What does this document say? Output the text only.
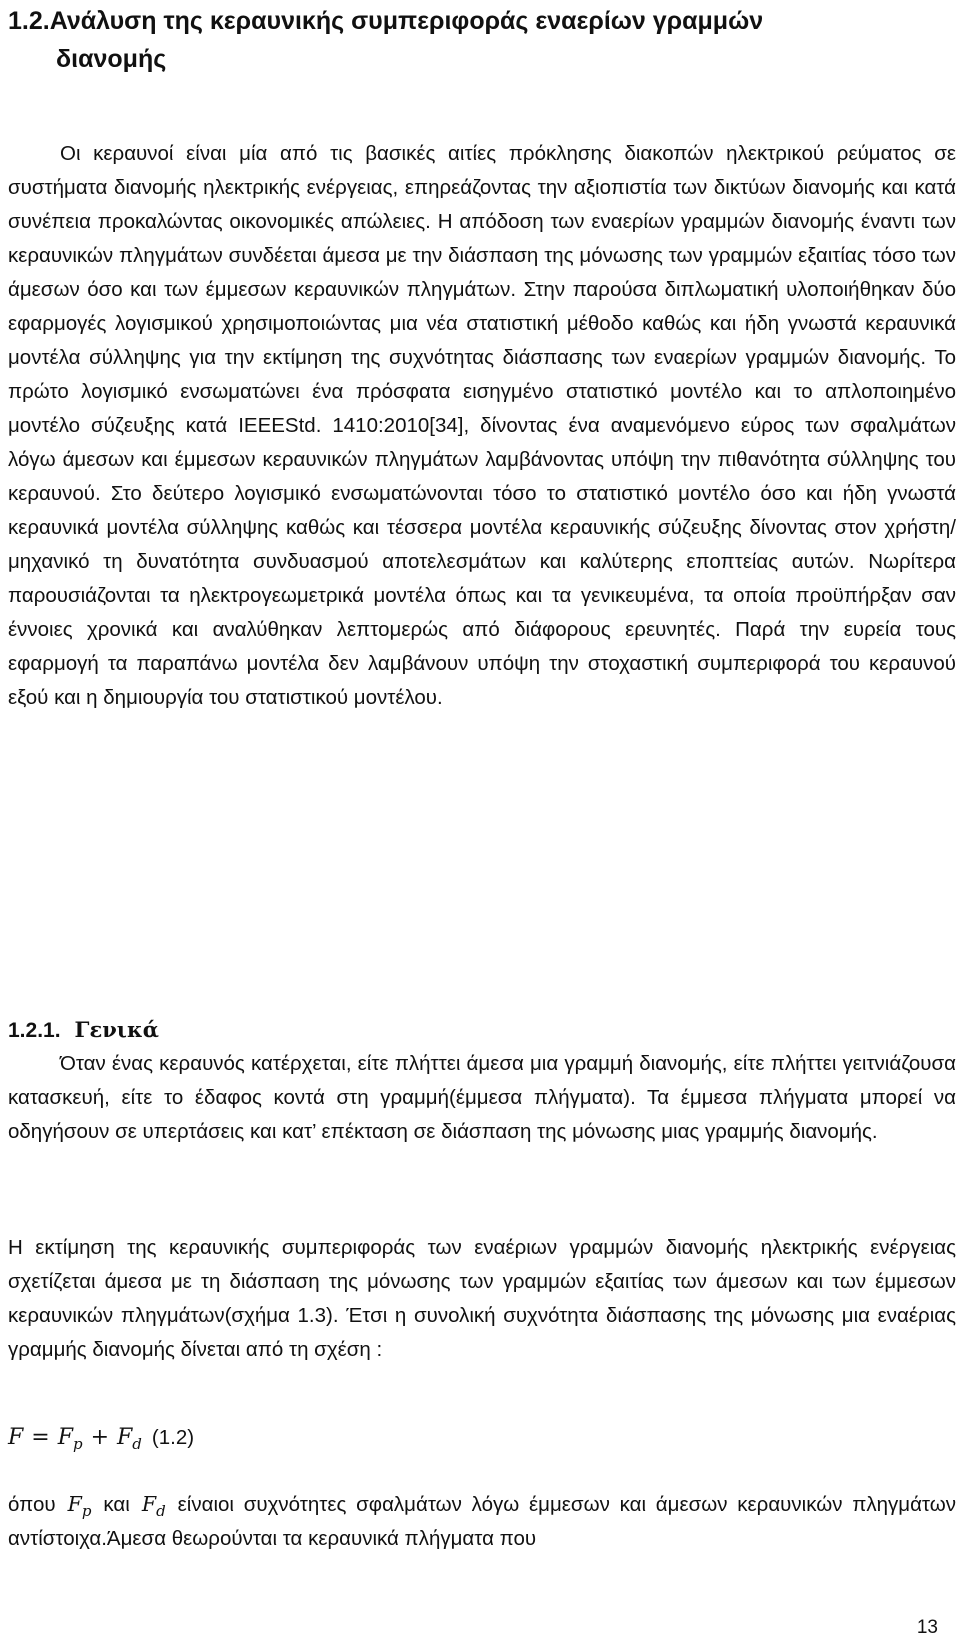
1.2.Ανάλυση της κεραυνικής συμπεριφοράς εναερίων γραμμών
διανομής

Οι κεραυνοί είναι μία από τις βασικές αιτίες πρόκλησης διακοπών ηλεκτρικού ρεύματος σε συστήματα διανομής ηλεκτρικής ενέργειας, επηρεάζοντας την αξιοπιστία των δικτύων διανομής και κατά συνέπεια προκαλώντας οικονομικές απώλειες. Η απόδοση των εναερίων γραμμών διανομής έναντι των κεραυνικών πληγμάτων συνδέεται άμεσα με την διάσπαση της μόνωσης των γραμμών εξαιτίας τόσο των άμεσων όσο και των έμμεσων κεραυνικών πληγμάτων. Στην παρούσα διπλωματική υλοποιήθηκαν δύο εφαρμογές λογισμικού χρησιμοποιώντας μια νέα στατιστική μέθοδο καθώς και ήδη γνωστά κεραυνικά μοντέλα σύλληψης για την εκτίμηση της συχνότητας διάσπασης των εναερίων γραμμών διανομής. Το πρώτο λογισμικό ενσωματώνει ένα πρόσφατα εισηγμένο στατιστικό μοντέλο και το απλοποιημένο μοντέλο σύζευξης κατά IEEEStd. 1410:2010[34], δίνοντας ένα αναμενόμενο εύρος των σφαλμάτων λόγω άμεσων και έμμεσων κεραυνικών πληγμάτων λαμβάνοντας υπόψη την πιθανότητα σύλληψης του κεραυνού. Στο δεύτερο λογισμικό ενσωματώνονται τόσο το στατιστικό μοντέλο όσο και ήδη γνωστά κεραυνικά μοντέλα σύλληψης καθώς και τέσσερα μοντέλα κεραυνικής σύζευξης δίνοντας στον χρήστη/μηχανικό τη δυνατότητα συνδυασμού αποτελεσμάτων και καλύτερης εποπτείας αυτών. Νωρίτερα παρουσιάζονται τα ηλεκτρογεωμετρικά μοντέλα όπως και τα γενικευμένα, τα οποία προϋπήρξαν σαν έννοιες χρονικά και αναλύθηκαν λεπτομερώς από διάφορους ερευνητές. Παρά την ευρεία τους εφαρμογή τα παραπάνω μοντέλα δεν λαμβάνουν υπόψη την στοχαστική συμπεριφορά του κεραυνού εξού και η δημιουργία του στατιστικού μοντέλου.

1.2.1. Γενικά

Όταν ένας κεραυνός κατέρχεται, είτε πλήττει άμεσα μια γραμμή διανομής, είτε πλήττει γειτνιάζουσα κατασκευή, είτε το έδαφος κοντά στη γραμμή(έμμεσα πλήγματα). Τα έμμεσα πλήγματα μπορεί να οδηγήσουν σε υπερτάσεις και κατ’ επέκταση σε διάσπαση της μόνωσης μιας γραμμής διανομής.

Η εκτίμηση της κεραυνικής συμπεριφοράς των εναέριων γραμμών διανομής ηλεκτρικής ενέργειας σχετίζεται άμεσα με τη διάσπαση της μόνωσης των γραμμών εξαιτίας των άμεσων και των έμμεσων κεραυνικών πληγμάτων(σχήμα 1.3). Έτσι η συνολική συχνότητα διάσπασης της μόνωσης μια εναέριας γραμμής διανομής δίνεται από τη σχέση :

$F = F_p + F_d$ (1.2)

όπου $F_p$ και $F_d$ είναιοι συχνότητες σφαλμάτων λόγω έμμεσων και άμεσων κεραυνικών πληγμάτων αντίστοιχα.Άμεσα θεωρούνται τα κεραυνικά πλήγματα που

13
